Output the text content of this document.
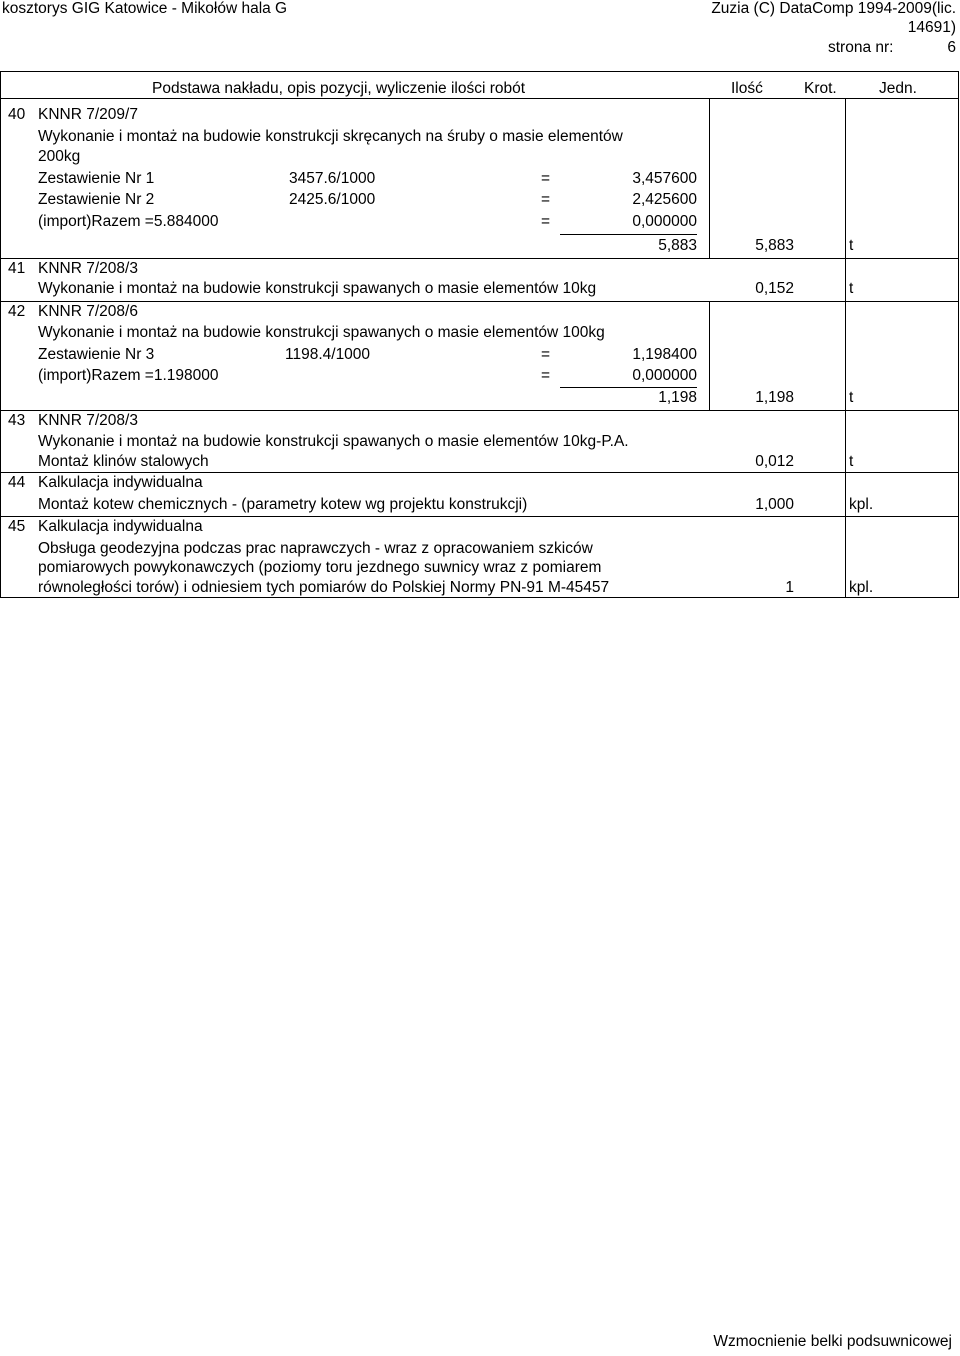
kosztorys GIG Katowice - Mikołów hala G	Zuzia (C) DataComp 1994-2009(lic.
14691)
strona nr:	6
Podstawa nakładu, opis pozycji, wyliczenie ilości robót	Ilość	Krot.	Jedn.
40 KNNR 7/209/7
Wykonanie i montaż na budowie konstrukcji skręcanych na śruby o masie elementów
200kg
Zestawienie Nr 1	3457.6/1000	=	3,457600
Zestawienie Nr 2	2425.6/1000	=	2,425600
(import)Razem =5.884000	=	0,000000
5,883	5,883	t
41 KNNR 7/208/3
Wykonanie i montaż na budowie konstrukcji spawanych o masie elementów 10kg	0,152	t
42 KNNR 7/208/6
Wykonanie i montaż na budowie konstrukcji spawanych o masie elementów 100kg
Zestawienie Nr 3	1198.4/1000	=	1,198400
(import)Razem =1.198000	=	0,000000
1,198	1,198	t
43 KNNR 7/208/3
Wykonanie i montaż na budowie konstrukcji spawanych o masie elementów 10kg-P.A.
Montaż klinów stalowych	0,012	t
44 Kalkulacja indywidualna
Montaż kotew chemicznych - (parametry kotew wg projektu konstrukcji)	1,000	kpl.
45 Kalkulacja indywidualna
Obsługa geodezyjna podczas prac naprawczych - wraz z opracowaniem szkiców
pomiarowych powykonawczych (poziomy toru jezdnego suwnicy wraz z pomiarem
równoległości torów) i odniesiem tych pomiarów do Polskiej Normy PN-91 M-45457	1	kpl.
Wzmocnienie belki podsuwnicowej
